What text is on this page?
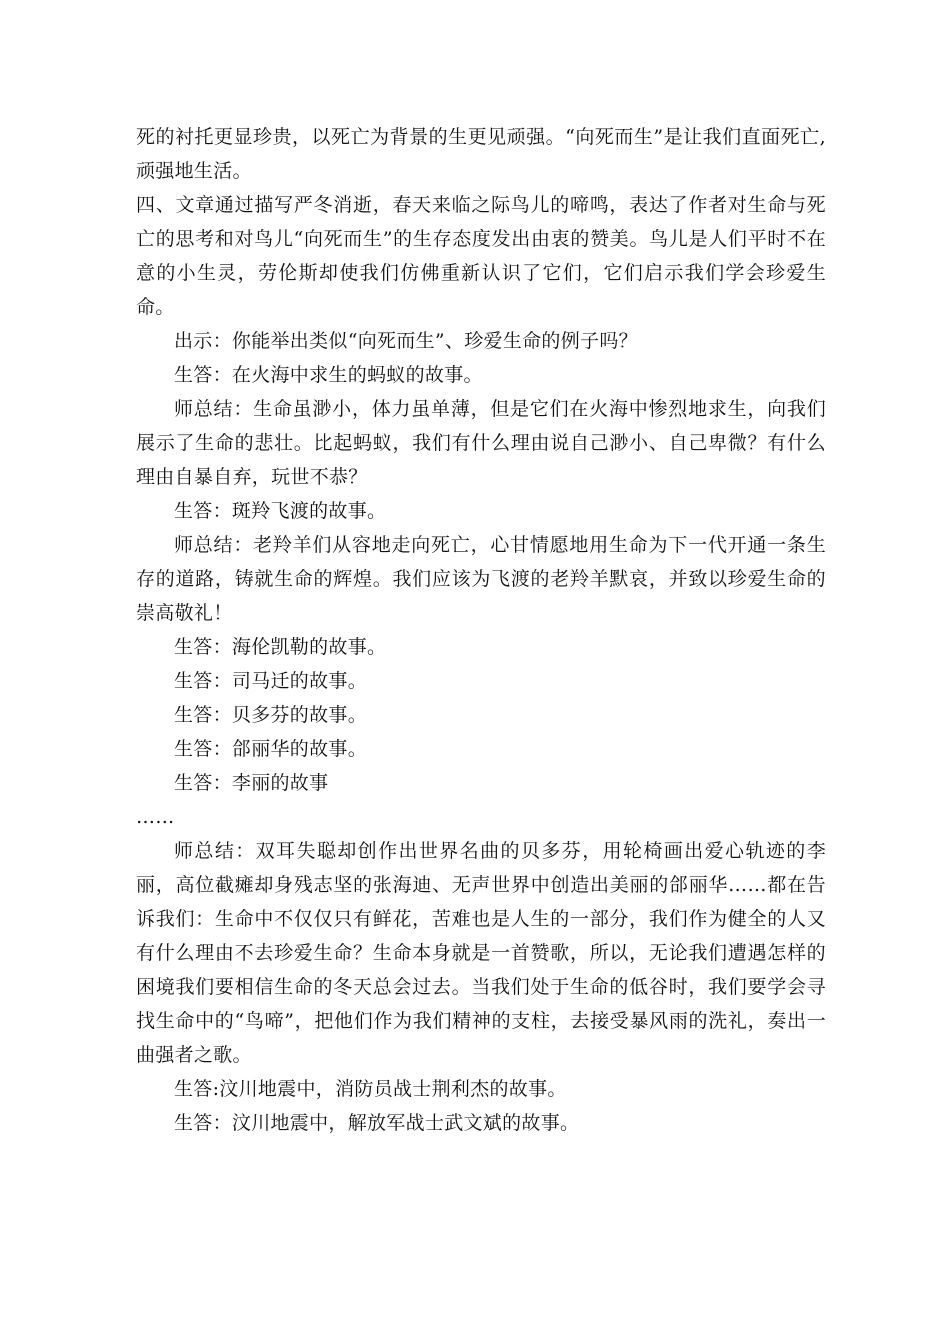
死的衬托更显珍贵，以死亡为背景的生更见顽强。“向死而生”是让我们直面死亡,顽强地生活。

四、文章通过描写严冬消逝，春天来临之际鸟儿的啼鸣，表达了作者对生命与死亡的思考和对鸟儿“向死而生”的生存态度发出由衷的赞美。鸟儿是人们平时不在意的小生灵，劳伦斯却使我们仿佛重新认识了它们，它们启示我们学会珍爱生命。

出示：你能举出类似“向死而生”、珍爱生命的例子吗？

生答：在火海中求生的蚂蚁的故事。

师总结：生命虽渺小，体力虽单薄，但是它们在火海中惨烈地求生，向我们展示了生命的悲壮。比起蚂蚁，我们有什么理由说自己渺小、自己卑微？有什么理由自暴自弃，玩世不恭？

生答：斑羚飞渡的故事。

师总结：老羚羊们从容地走向死亡，心甘情愿地用生命为下一代开通一条生存的道路，铸就生命的辉煌。我们应该为飞渡的老羚羊默哀，并致以珍爱生命的崇高敬礼！

生答：海伦凯勒的故事。

生答：司马迁的故事。

生答：贝多芬的故事。

生答：郃丽华的故事。

生答：李丽的故事

……

师总结：双耳失聪却创作出世界名曲的贝多芬，用轮椅画出爱心轨迹的李丽，高位截瘫却身残志坚的张海迪、无声世界中创造出美丽的郃丽华……都在告诉我们：生命中不仅仅只有鲜花，苦难也是人生的一部分，我们作为健全的人又有什么理由不去珍爱生命？生命本身就是一首赞歌，所以，无论我们遭遇怎样的困境我们要相信生命的冬天总会过去。当我们处于生命的低谷时，我们要学会寻找生命中的“鸟啼”，把他们作为我们精神的支柱，去接受暴风雨的洗礼，奏出一曲强者之歌。

生答:汶川地震中，消防员战士荆利杰的故事。

生答：汶川地震中，解放军战士武文斌的故事。
